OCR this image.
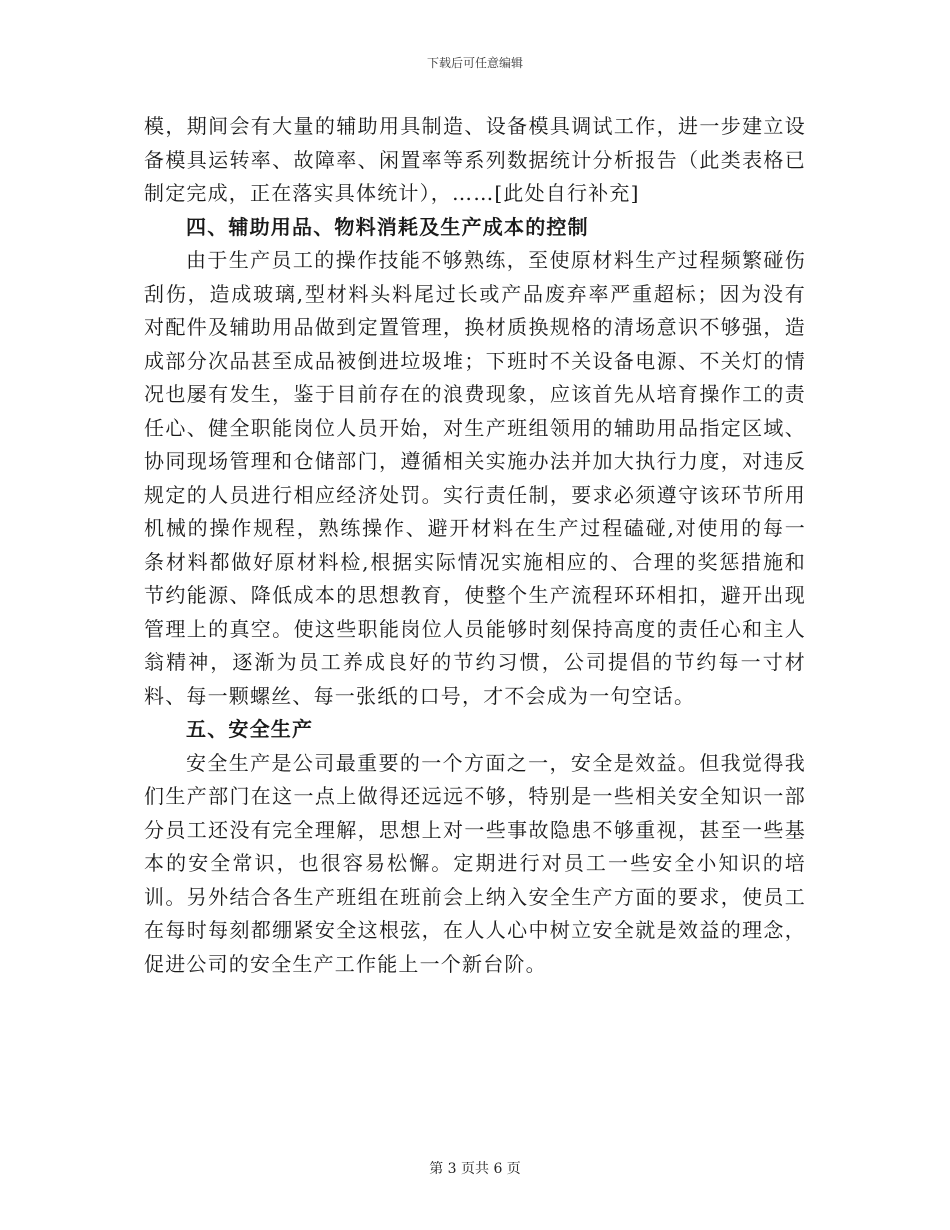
下载后可任意编辑

模，期间会有大量的辅助用具制造、设备模具调试工作，进一步建立设备模具运转率、故障率、闲置率等系列数据统计分析报告（此类表格已制定完成，正在落实具体统计），……[此处自行补充]

四、辅助用品、物料消耗及生产成本的控制

由于生产员工的操作技能不够熟练，至使原材料生产过程频繁碰伤刮伤，造成玻璃,型材料头料尾过长或产品废弃率严重超标；因为没有对配件及辅助用品做到定置管理，换材质换规格的清场意识不够强，造成部分次品甚至成品被倒进垃圾堆；下班时不关设备电源、不关灯的情况也屡有发生，鉴于目前存在的浪费现象，应该首先从培育操作工的责任心、健全职能岗位人员开始，对生产班组领用的辅助用品指定区域、协同现场管理和仓储部门，遵循相关实施办法并加大执行力度，对违反规定的人员进行相应经济处罚。实行责任制，要求必须遵守该环节所用机械的操作规程，熟练操作、避开材料在生产过程磕碰,对使用的每一条材料都做好原材料检,根据实际情况实施相应的、合理的奖惩措施和节约能源、降低成本的思想教育，使整个生产流程环环相扣，避开出现管理上的真空。使这些职能岗位人员能够时刻保持高度的责任心和主人翁精神，逐渐为员工养成良好的节约习惯，公司提倡的节约每一寸材料、每一颗螺丝、每一张纸的口号，才不会成为一句空话。

五、安全生产

安全生产是公司最重要的一个方面之一，安全是效益。但我觉得我们生产部门在这一点上做得还远远不够，特别是一些相关安全知识一部分员工还没有完全理解，思想上对一些事故隐患不够重视，甚至一些基本的安全常识，也很容易松懈。定期进行对员工一些安全小知识的培训。另外结合各生产班组在班前会上纳入安全生产方面的要求，使员工在每时每刻都绷紧安全这根弦，在人人心中树立安全就是效益的理念，促进公司的安全生产工作能上一个新台阶。

第 3 页共 6 页
